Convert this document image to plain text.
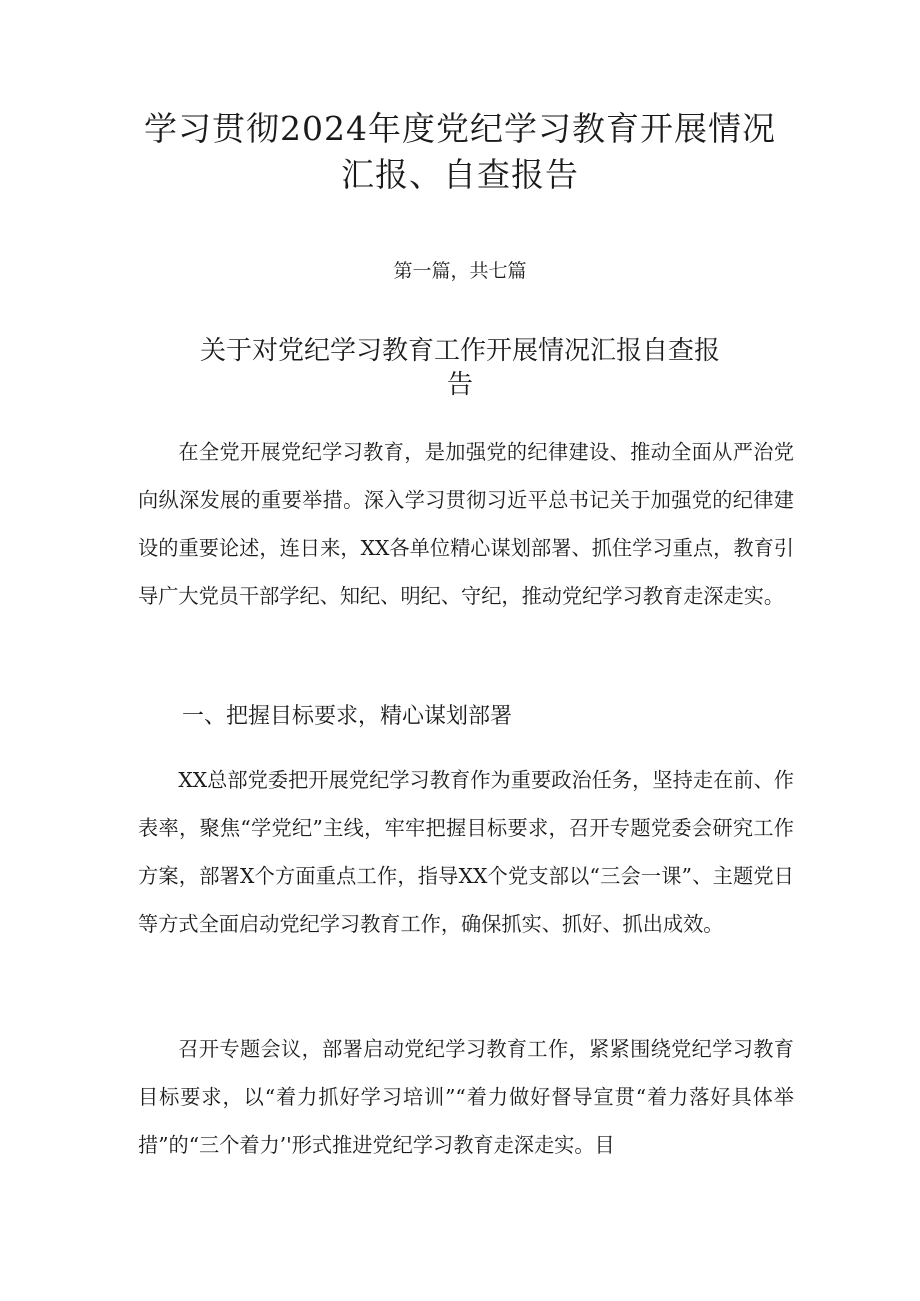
学习贯彻2024年度党纪学习教育开展情况
汇报、自查报告

第一篇，共七篇

关于对党纪学习教育工作开展情况汇报自查报
告

在全党开展党纪学习教育，是加强党的纪律建设、推动全面从严治党向纵深发展的重要举措。深入学习贯彻习近平总书记关于加强党的纪律建设的重要论述，连日来，XX各单位精心谋划部署、抓住学习重点，教育引导广大党员干部学纪、知纪、明纪、守纪，推动党纪学习教育走深走实。

一、把握目标要求，精心谋划部署

XX总部党委把开展党纪学习教育作为重要政治任务，坚持走在前、作表率，聚焦“学党纪”主线，牢牢把握目标要求，召开专题党委会研究工作方案，部署X个方面重点工作，指导XX个党支部以“三会一课”、主题党日等方式全面启动党纪学习教育工作，确保抓实、抓好、抓出成效。

召开专题会议，部署启动党纪学习教育工作，紧紧围绕党纪学习教育目标要求，以“着力抓好学习培训”“着力做好督导宣贯“着力落好具体举措”的“三个着力’'形式推进党纪学习教育走深走实。目
